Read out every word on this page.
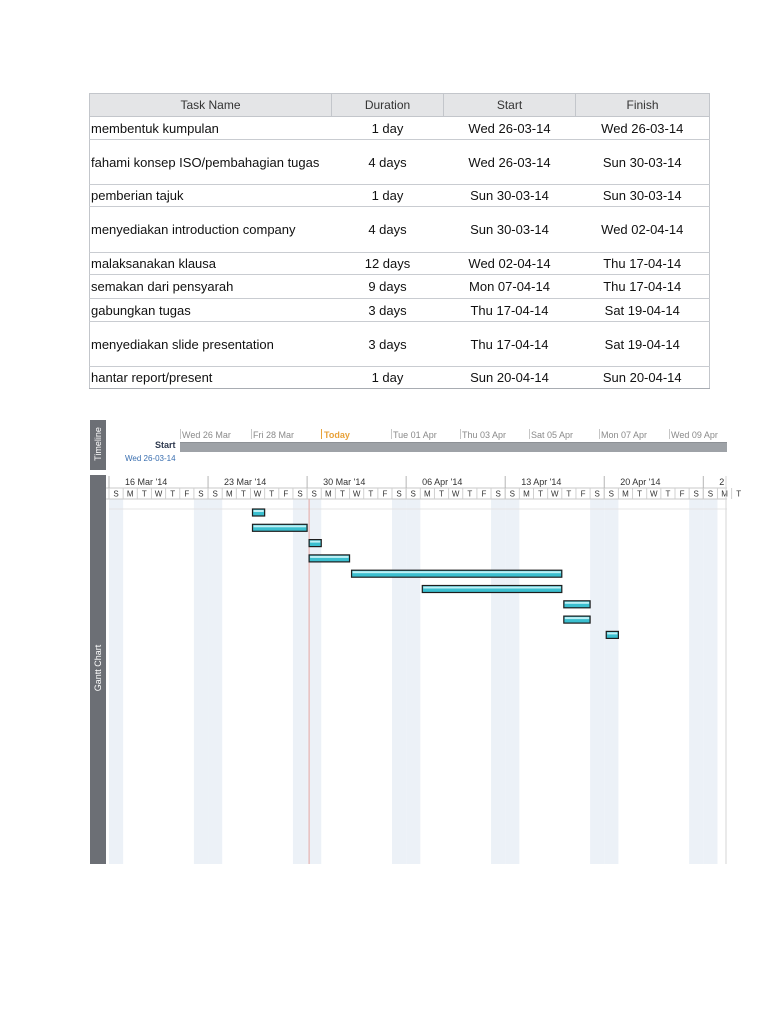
Task Name	Duration	Start	Finish
membentuk kumpulan	1 day	Wed 26-03-14	Wed 26-03-14
fahami konsep ISO/pembahagian tugas	4 days	Wed 26-03-14	Sun 30-03-14
pemberian tajuk	1 day	Sun 30-03-14	Sun 30-03-14
menyediakan introduction company	4 days	Sun 30-03-14	Wed 02-04-14
malaksanakan klausa	12 days	Wed 02-04-14	Thu 17-04-14
semakan dari pensyarah	9 days	Mon 07-04-14	Thu 17-04-14
gabungkan tugas	3 days	Thu 17-04-14	Sat 19-04-14
menyediakan slide presentation	3 days	Thu 17-04-14	Sat 19-04-14
hantar report/present	1 day	Sun 20-04-14	Sun 20-04-14
Timeline	Wed 26 Mar Fri 28 Mar	Today	Tue 01 Apr	Thu 03 Apr	Sat 05 Apr	Mon 07 Apr	Wed 09 Apr
Start
Wed 26-03-14
Gantt Chart
16 Mar '14	23 Mar '14	30 Mar '14	06 Apr '14	13 Apr '14	20 Apr '14	2
S M T W T F S S M T W T F S S M T W T F S S M T W T F S S M T W T F S S M T W T F S S M T
